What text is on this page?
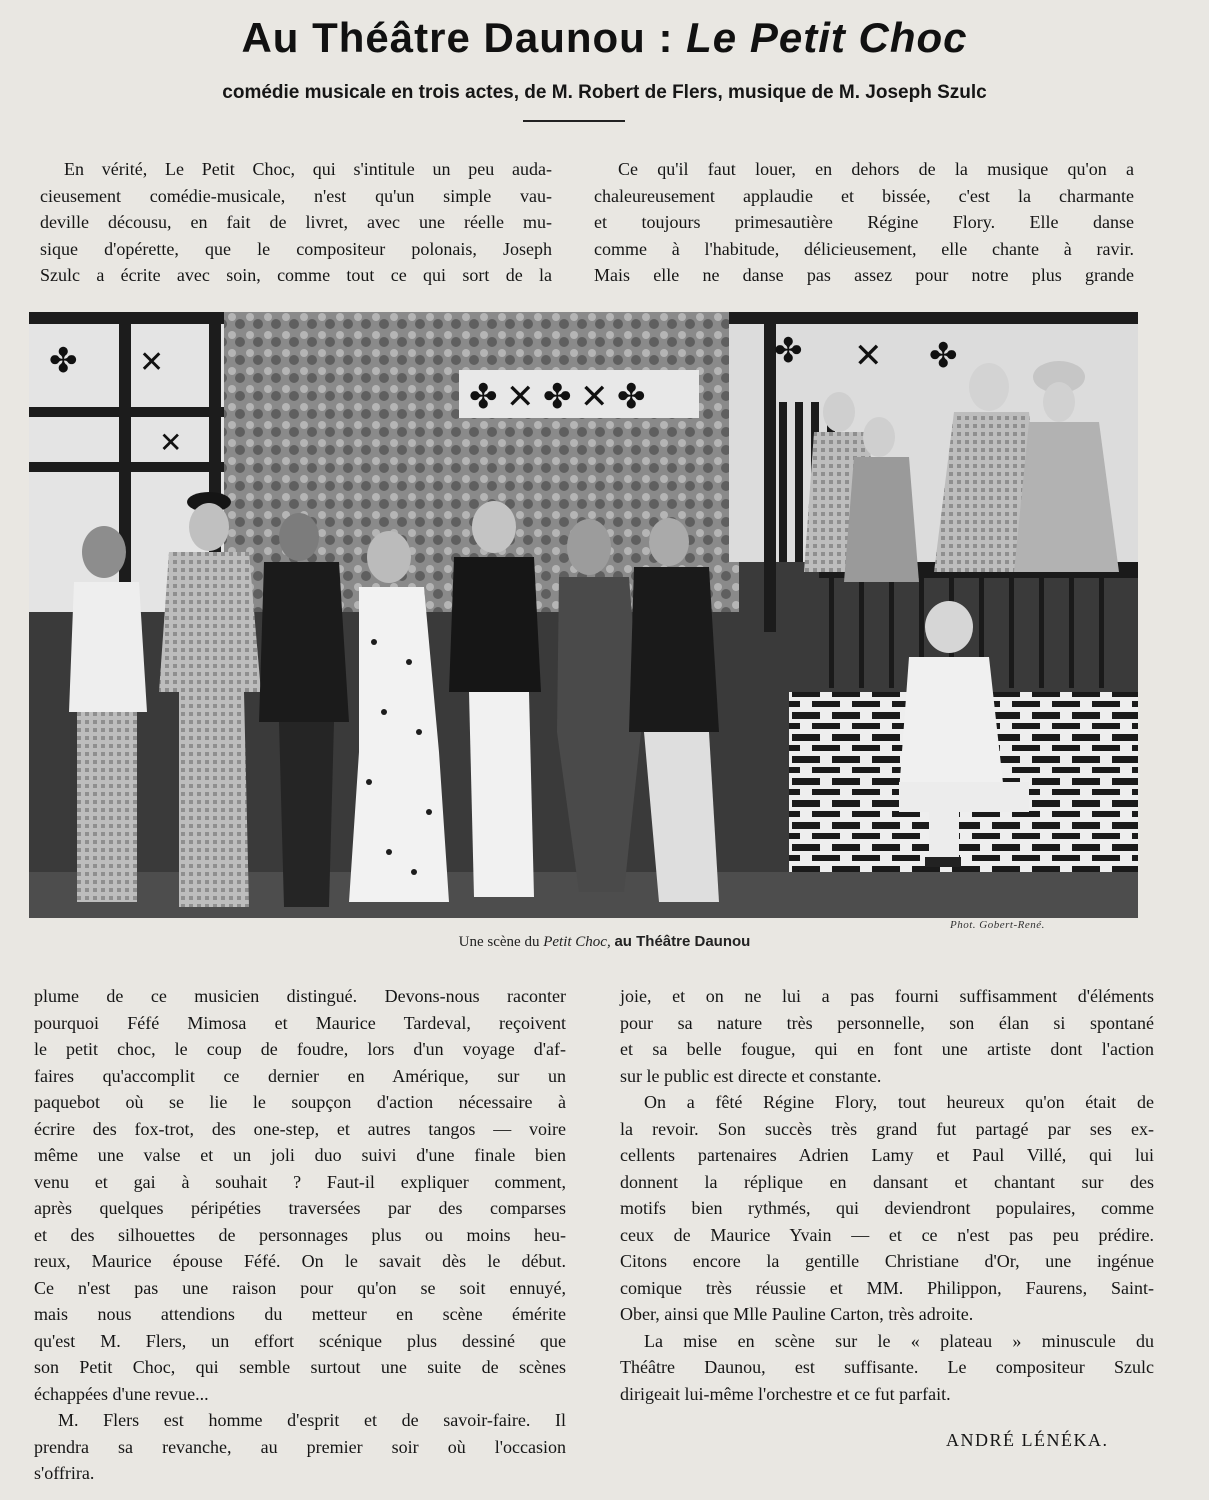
Au Théâtre Daunou : Le Petit Choc
comédie musicale en trois actes, de M. Robert de Flers, musique de M. Joseph Szulc
En vérité, Le Petit Choc, qui s'intitule un peu auda-
cieusement comédie-musicale, n'est qu'un simple vau-
deville décousu, en fait de livret, avec une réelle mu-
sique d'opérette, que le compositeur polonais, Joseph
Szulc a écrite avec soin, comme tout ce qui sort de la
Ce qu'il faut louer, en dehors de la musique qu'on a
chaleureusement applaudie et bissée, c'est la charmante
et toujours primesautière Régine Flory. Elle danse
comme à l'habitude, délicieusement, elle chante à ravir.
Mais elle ne danse pas assez pour notre plus grande
✤ ✕
✕
✤ ✕ ✤ ✕ ✤
✤ ✕ ✤
Phot. Gobert-René.
Une scène du Petit Choc, au Théâtre Daunou
plume de ce musicien distingué. Devons-nous raconter
pourquoi Féfé Mimosa et Maurice Tardeval, reçoivent
le petit choc, le coup de foudre, lors d'un voyage d'af-
faires qu'accomplit ce dernier en Amérique, sur un
paquebot où se lie le soupçon d'action nécessaire à
écrire des fox-trot, des one-step, et autres tangos — voire
même une valse et un joli duo suivi d'une finale bien
venu et gai à souhait ? Faut-il expliquer comment,
après quelques péripéties traversées par des comparses
et des silhouettes de personnages plus ou moins heu-
reux, Maurice épouse Féfé. On le savait dès le début.
Ce n'est pas une raison pour qu'on se soit ennuyé,
mais nous attendions du metteur en scène émérite
qu'est M. Flers, un effort scénique plus dessiné que
son Petit Choc, qui semble surtout une suite de scènes
échappées d'une revue...
M. Flers est homme d'esprit et de savoir-faire. Il
prendra sa revanche, au premier soir où l'occasion
s'offrira.
joie, et on ne lui a pas fourni suffisamment d'éléments
pour sa nature très personnelle, son élan si spontané
et sa belle fougue, qui en font une artiste dont l'action
sur le public est directe et constante.
On a fêté Régine Flory, tout heureux qu'on était de
la revoir. Son succès très grand fut partagé par ses ex-
cellents partenaires Adrien Lamy et Paul Villé, qui lui
donnent la réplique en dansant et chantant sur des
motifs bien rythmés, qui deviendront populaires, comme
ceux de Maurice Yvain — et ce n'est pas peu prédire.
Citons encore la gentille Christiane d'Or, une ingénue
comique très réussie et MM. Philippon, Faurens, Saint-
Ober, ainsi que Mlle Pauline Carton, très adroite.
La mise en scène sur le « plateau » minuscule du
Théâtre Daunou, est suffisante. Le compositeur Szulc
dirigeait lui-même l'orchestre et ce fut parfait.
ANDRÉ LÉNÉKA.
